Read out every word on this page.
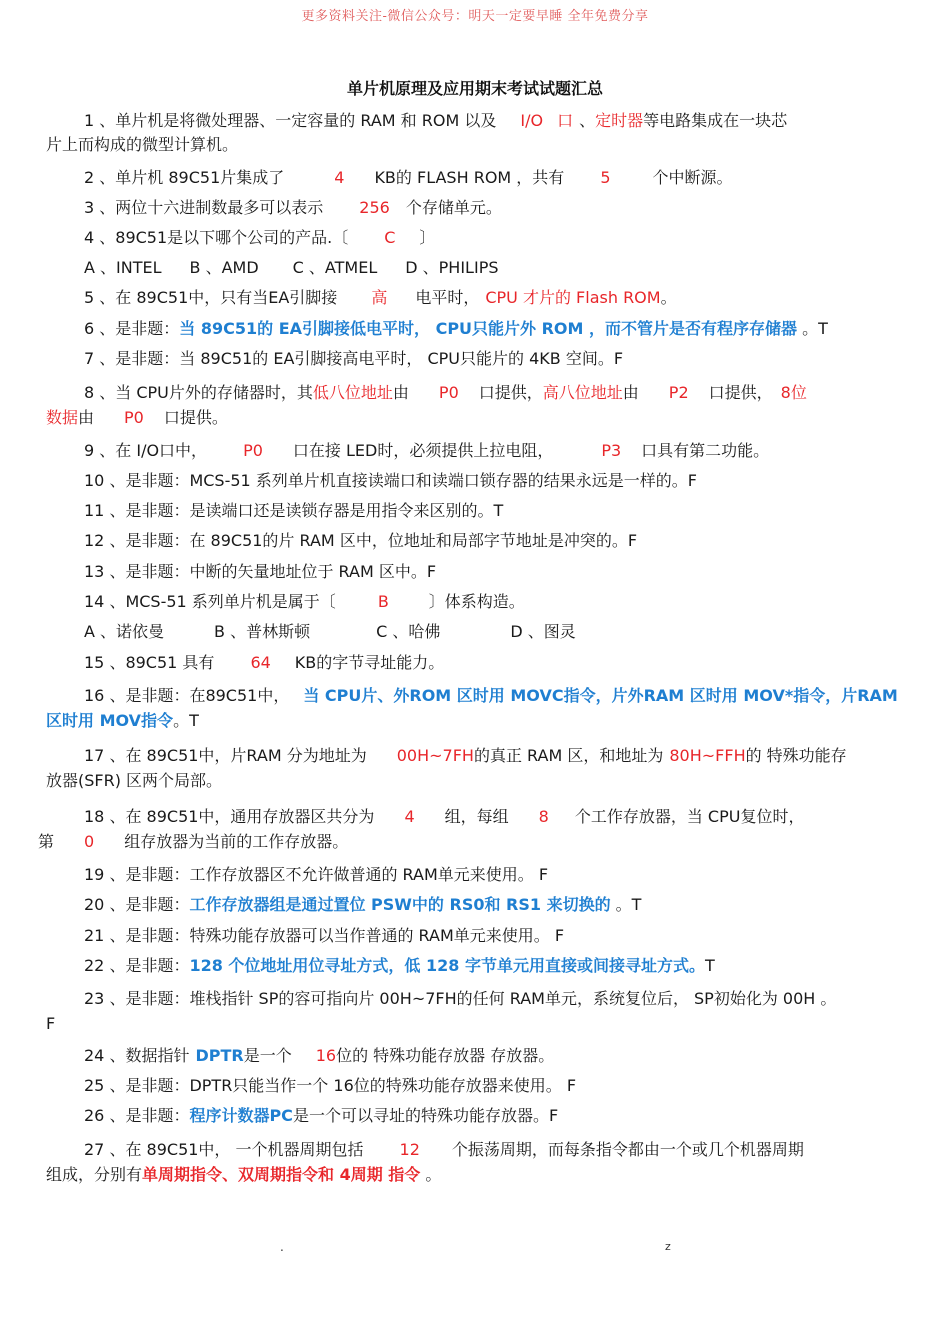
更多资料关注-微信公众号：明天一定要早睡 全年免费分享
单片机原理及应用期末考试试题汇总
1 、单片机是将微处理器、一定容量的 RAM 和 ROM 以及 I/O 口 、定时器等电路集成在一块芯
片上而构成的微型计算机。
2 、单片机 89C51片集成了	4 KB的 FLASH ROM ，共有 5	个中断源。
3 、两位十六进制数最多可以表示 256 个存储单元。
4 、89C51是以下哪个公司的产品.〔 C 〕
A 、INTEL B 、AMD C 、ATMEL D 、PHILIPS
5 、在 89C51中，只有当EA引脚接 高 电平时， CPU 才片的 Flash ROM。
6 、是非题：当 89C51的 EA引脚接低电平时， CPU只能片外 ROM ，而不管片是否有程序存储器 。T
7 、是非题：当 89C51的 EA引脚接高电平时， CPU只能片的 4KB 空间。F
8 、当 CPU片外的存储器时，其低八位地址由 P0 口提供，高八位地址由 P2 口提供， 8位
数据由 P0 口提供。
9 、在 I/O口中， P0 口在接 LED时，必须提供上拉电阻，	P3 口具有第二功能。
10 、是非题：MCS-51 系列单片机直接读端口和读端口锁存器的结果永远是一样的。F
11 、是非题：是读端口还是读锁存器是用指令来区别的。T
12 、是非题：在 89C51的片 RAM 区中，位地址和局部字节地址是冲突的。F
13 、是非题：中断的矢量地址位于 RAM 区中。F
14 、MCS-51 系列单片机是属于〔	B	〕体系构造。
A 、诺依曼	B 、普林斯顿	C 、哈佛	D 、图灵
15 、89C51 具有 64 KB的字节寻址能力。
16 、是非题：在89C51中， 当 CPU片、外ROM 区时用 MOVC指令，片外RAM 区时用 MOV*指令，片RAM
区时用 MOV指令。T
17 、在 89C51中，片RAM 分为地址为 00H~7FH的真正 RAM 区，和地址为 80H~FFH的 特殊功能存
放器(SFR) 区两个局部。
18 、在 89C51中，通用存放器区共分为 4 组，每组 8 个工作存放器，当 CPU复位时，
第 0 组存放器为当前的工作存放器。
19 、是非题：工作存放器区不允许做普通的 RAM单元来使用。 F
20 、是非题：工作存放器组是通过置位 PSW中的 RS0和 RS1 来切换的 。T
21 、是非题：特殊功能存放器可以当作普通的 RAM单元来使用。 F
22 、是非题：128 个位地址用位寻址方式，低 128 字节单元用直接或间接寻址方式。T
23 、是非题：堆栈指针 SP的容可指向片 00H~7FH的任何 RAM单元，系统复位后， SP初始化为 00H 。
F
24 、数据指针 DPTR是一个 16位的 特殊功能存放器 存放器。
25 、是非题：DPTR只能当作一个 16位的特殊功能存放器来使用。 F
26 、是非题：程序计数器PC是一个可以寻址的特殊功能存放器。F
27 、在 89C51中， 一个机器周期包括 12 个振荡周期，而每条指令都由一个或几个机器周期
组成，分别有单周期指令、双周期指令和 4周期 指令 。
.	z
